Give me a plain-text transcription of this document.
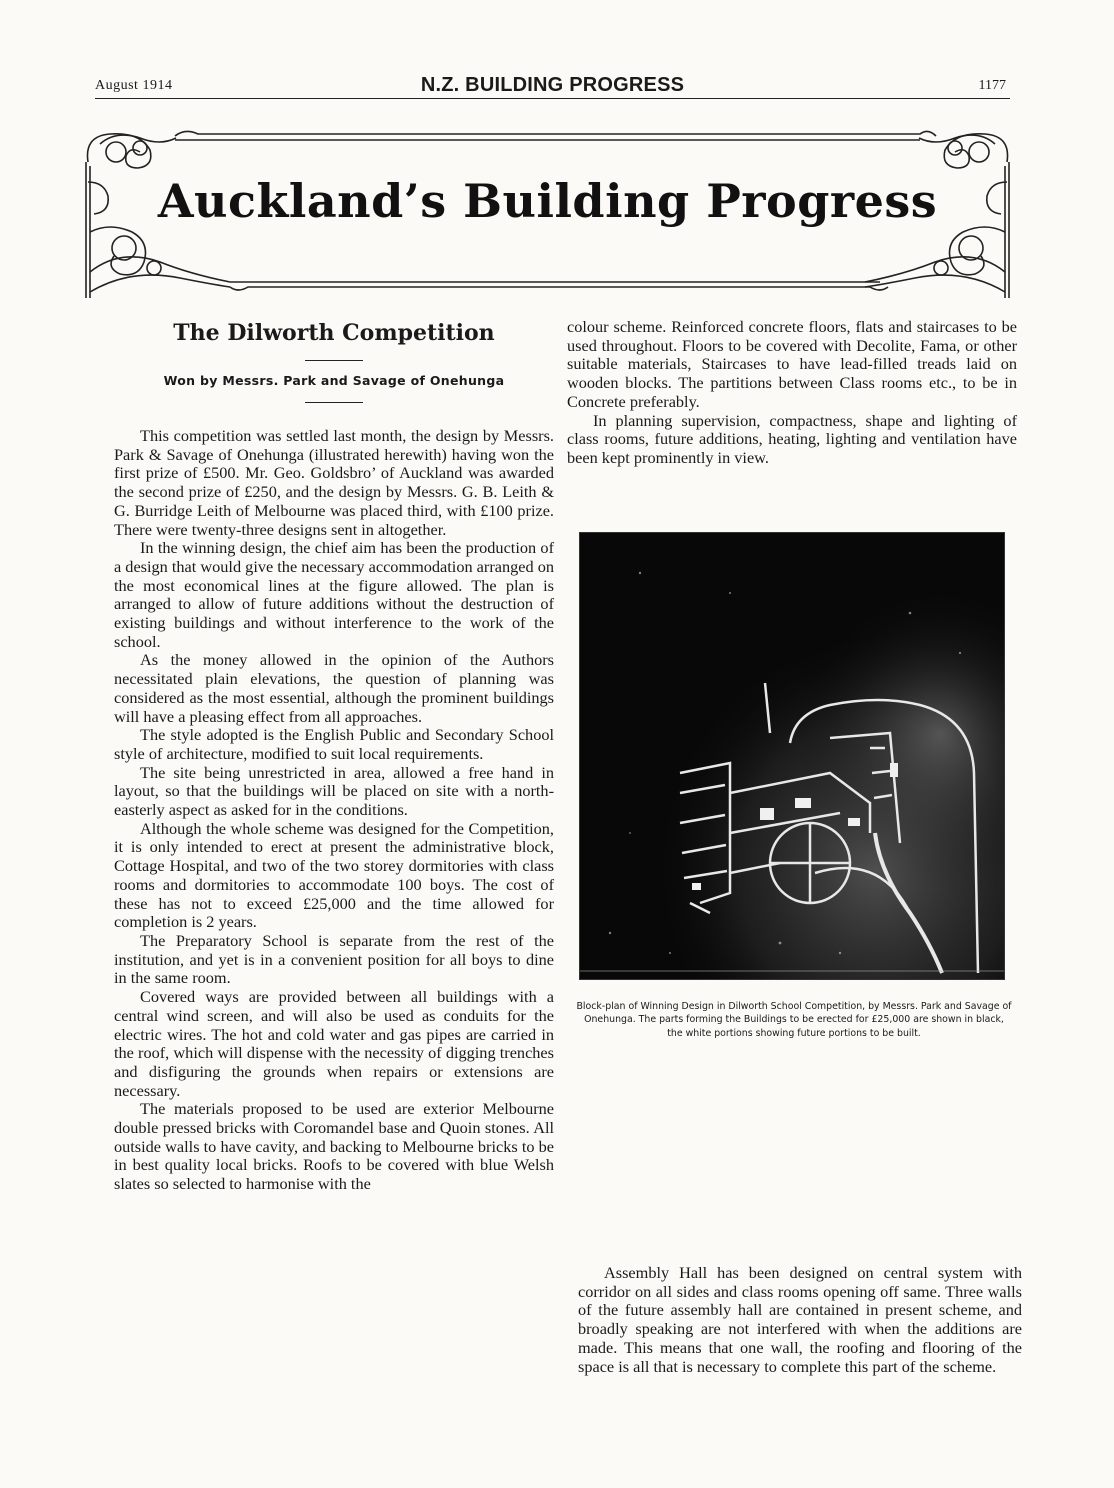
August 1914	N.Z. BUILDING PROGRESS	1177
Auckland’s Building Progress
The Dilworth Competition
Won by Messrs. Park and Savage of Onehunga

This competition was settled last month, the design by Messrs. Park & Savage of Onehunga (illustrated herewith) having won the first prize of £500. Mr. Geo. Goldsbro’ of Auckland was awarded the second prize of £250, and the design by Messrs. G. B. Leith & G. Burridge Leith of Melbourne was placed third, with £100 prize. There were twenty-three designs sent in altogether.

In the winning design, the chief aim has been the production of a design that would give the necessary accommodation arranged on the most economical lines at the figure allowed. The plan is arranged to allow of future additions without the destruction of existing buildings and without interference to the work of the school.

As the money allowed in the opinion of the Authors necessitated plain elevations, the question of planning was considered as the most essential, although the prominent buildings will have a pleasing effect from all approaches.

The style adopted is the English Public and Secondary School style of architecture, modified to suit local requirements.

The site being unrestricted in area, allowed a free hand in layout, so that the buildings will be placed on site with a north-easterly aspect as asked for in the conditions.

Although the whole scheme was designed for the Competition, it is only intended to erect at present the administrative block, Cottage Hospital, and two of the two storey dormitories with class rooms and dormitories to accommodate 100 boys. The cost of these has not to exceed £25,000 and the time allowed for completion is 2 years.

The Preparatory School is separate from the rest of the institution, and yet is in a convenient position for all boys to dine in the same room.

Covered ways are provided between all buildings with a central wind screen, and will also be used as conduits for the electric wires. The hot and cold water and gas pipes are carried in the roof, which will dispense with the necessity of digging trenches and disfiguring the grounds when repairs or extensions are necessary.

The materials proposed to be used are exterior Melbourne double pressed bricks with Coromandel base and Quoin stones. All outside walls to have cavity, and backing to Melbourne bricks to be in best quality local bricks. Roofs to be covered with blue Welsh slates so selected to harmonise with the

colour scheme. Reinforced concrete floors, flats and staircases to be used throughout. Floors to be covered with Decolite, Fama, or other suitable materials, Staircases to have lead-filled treads laid on wooden blocks. The partitions between Class rooms etc., to be in Concrete preferably.

In planning supervision, compactness, shape and lighting of class rooms, future additions, heating, lighting and ventilation have been kept prominently in view.

Block-plan of Winning Design in Dilworth School Competition, by Messrs. Park and Savage of Onehunga. The parts forming the Buildings to be erected for £25,000 are shown in black, the white portions showing future portions to be built.

Assembly Hall has been designed on central system with corridor on all sides and class rooms opening off same. Three walls of the future assembly hall are contained in present scheme, and broadly speaking are not interfered with when the additions are made. This means that one wall, the roofing and flooring of the space is all that is necessary to complete this part of the scheme.
